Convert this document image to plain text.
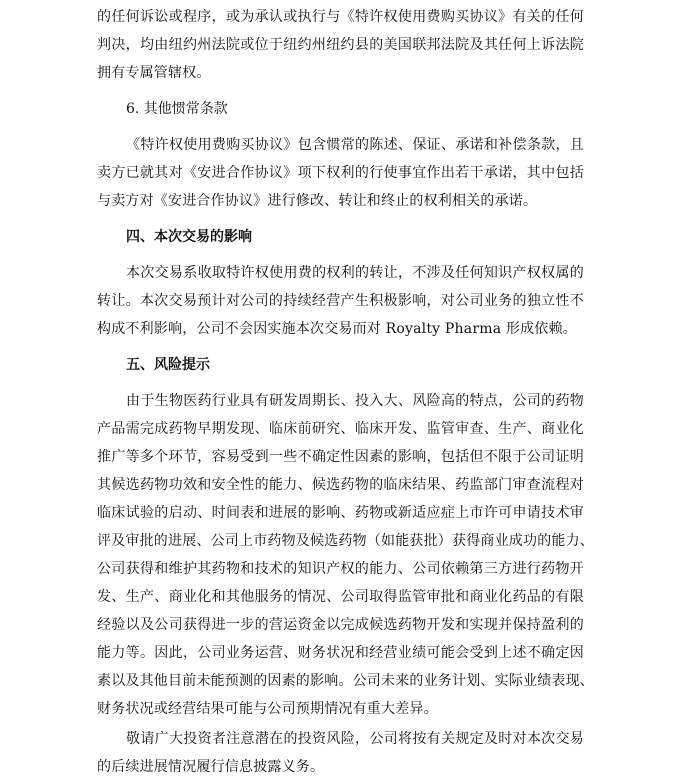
的任何诉讼或程序，或为承认或执行与《特许权使用费购买协议》有关的任何
判决，均由纽约州法院或位于纽约州纽约县的美国联邦法院及其任何上诉法院
拥有专属管辖权。
6. 其他惯常条款
《特许权使用费购买协议》包含惯常的陈述、保证、承诺和补偿条款，且
卖方已就其对《安进合作协议》项下权利的行使事宜作出若干承诺，其中包括
与卖方对《安进合作协议》进行修改、转让和终止的权利相关的承诺。
四、本次交易的影响
本次交易系收取特许权使用费的权利的转让，不涉及任何知识产权权属的
转让。本次交易预计对公司的持续经营产生积极影响，对公司业务的独立性不
构成不利影响，公司不会因实施本次交易而对 Royalty Pharma 形成依赖。
五、风险提示
由于生物医药行业具有研发周期长、投入大、风险高的特点，公司的药物
产品需完成药物早期发现、临床前研究、临床开发、监管审查、生产、商业化
推广等多个环节，容易受到一些不确定性因素的影响，包括但不限于公司证明
其候选药物功效和安全性的能力、候选药物的临床结果、药监部门审查流程对
临床试验的启动、时间表和进展的影响、药物或新适应症上市许可申请技术审
评及审批的进展、公司上市药物及候选药物（如能获批）获得商业成功的能力、
公司获得和维护其药物和技术的知识产权的能力、公司依赖第三方进行药物开
发、生产、商业化和其他服务的情况、公司取得监管审批和商业化药品的有限
经验以及公司获得进一步的营运资金以完成候选药物开发和实现并保持盈利的
能力等。因此，公司业务运营、财务状况和经营业绩可能会受到上述不确定因
素以及其他目前未能预测的因素的影响。公司未来的业务计划、实际业绩表现、
财务状况或经营结果可能与公司预期情况有重大差异。
敬请广大投资者注意潜在的投资风险，公司将按有关规定及时对本次交易
的后续进展情况履行信息披露义务。
